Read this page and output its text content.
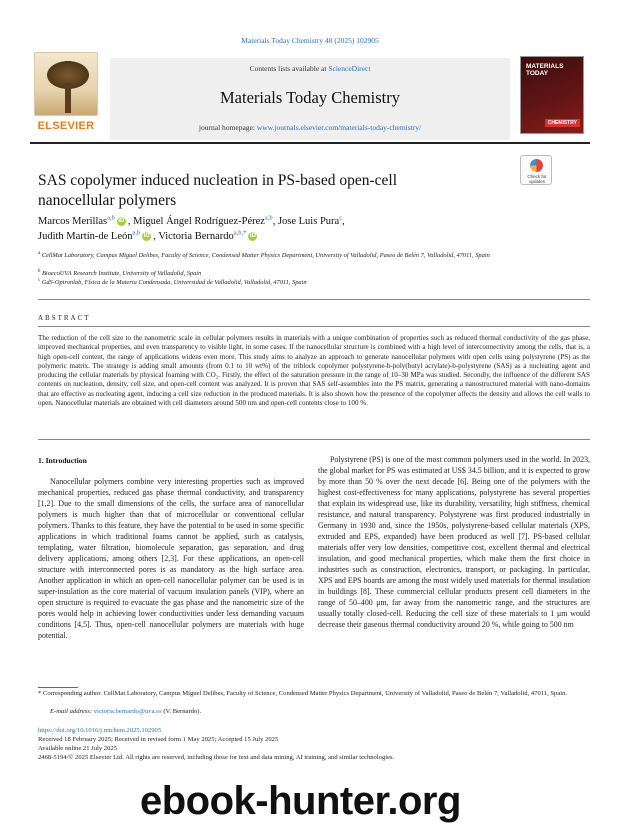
Materials Today Chemistry 48 (2025) 102905
ELSEVIER
Contents lists available at ScienceDirect
Materials Today Chemistry
journal homepage: www.journals.elsevier.com/materials-today-chemistry/
MATERIALS TODAY
CHEMISTRY
SAS copolymer induced nucleation in PS-based open-cell
nanocellular polymers
Check for updates
Marcos Merillas$^{a,b}$ iD , Miguel Ángel Rodríguez-Pérez$^{a,b}$, Jose Luis Pura$^c$,
Judith Martín-de León$^{a,b}$ iD , Victoria Bernardo$^{a,b,*}$ iD
$^a$ CellMat Laboratory, Campus Miguel Delibes, Faculty of Science, Condensed Matter Physics Department, University of Valladolid, Paseo de Belén 7, Valladolid, 47011, Spain
$^b$ BioecoUVA Research Institute, University of Valladolid, Spain
$^c$ GdS-Optronlab, Física de la Materia Condensada, Universidad de Valladolid, Valladolid, 47011, Spain
ABSTRACT
The reduction of the cell size to the nanometric scale in cellular polymers results in materials with a unique combination of properties such as reduced thermal conductivity of the gas phase, improved mechanical properties, and even transparency to visible light, in some cases. If the nanocellular structure is combined with a high level of interconnectivity among the cells, that is, a high open-cell content, the range of applications widens even more. This study aims to analyze an approach to generate nanocellular polymers with open cells using polystyrene (PS) as the polymeric matrix. The strategy is adding small amounts (from 0.1 to 10 wt%) of the triblock copolymer polystyrene-b-poly(butyl acrylate)-b-polystyrene (SAS) as a nucleating agent and producing the cellular materials by physical foaming with CO₂. Firstly, the effect of the saturation pressure in the range of 10–30 MPa was studied. Secondly, the influence of the different SAS contents on nucleation, density, cell size, and open-cell content was analyzed. It is proven that SAS self-assembles into the PS matrix, generating a nanostructured material with nano-domains that are effective as nucleating agent, inducing a cell size reduction in the produced materials. It is also shown how the presence of the copolymer affects the density and allows the cell walls to open. Nanocellular materials are obtained with cell diameters around 500 nm and open-cell contents close to 100 %.
1. Introduction
Nanocellular polymers combine very interesting properties such as improved mechanical properties, reduced gas phase thermal conductivity, and transparency [1,2]. Due to the small dimensions of the cells, the surface area of nanocellular polymers is much higher than that of microcellular or conventional cellular polymers. Thanks to this feature, they have the potential to be used in some specific applications in which traditional foams cannot be applied, such as catalysis, templating, water filtration, biomolecule separation, gas separation, and drug delivery applications, among others [2,3]. For these applications, an open-cell structure with interconnected pores is as mandatory as the high surface area. Another application in which an open-cell nanocellular polymer can be used is in super-insulation as the core material of vacuum insulation panels (VIP), where an open structure is required to evacuate the gas phase and the nanometric size of the pores would help in achieving lower conductivities under less demanding vacuum conditions [4,5]. Thus, open-cell nanocellular polymers are materials with huge potential.
Polystyrene (PS) is one of the most common polymers used in the world. In 2023, the global market for PS was estimated at US$ 34.5 billion, and it is expected to grow by more than 50 % over the next decade [6]. Being one of the polymers with the highest cost-effectiveness for many applications, polystyrene has several properties that explain its widespread use, like its durability, versatility, high stiffness, chemical resistance, and natural transparency. Polystyrene was first produced industrially in Germany in 1930 and, since the 1950s, polystyrene-based cellular materials (XPS, extruded and EPS, expanded) have been produced as well [7]. PS-based cellular materials offer very low densities, competitive cost, excellent thermal and electrical insulation, and good mechanical properties, which make them the first choice in industries such as construction, electronics, transport, or packaging. In particular, XPS and EPS boards are among the most widely used materials for thermal insulation in buildings [8]. These commercial cellular products present cell diameters in the range of 50–400 μm, far away from the nanometric range, and the structures are usually totally closed-cell. Reducing the cell size of these materials to 1 μm would decrease their gaseous thermal conductivity around 20 %, while going to 500 nm
* Corresponding author. CellMat Laboratory, Campus Miguel Delibes, Faculty of Science, Condensed Matter Physics Department, University of Valladolid, Paseo de Belén 7, Valladolid, 47011, Spain.
E-mail address: victoria.bernardo@uva.es (V. Bernardo).
https://doi.org/10.1016/j.mtchem.2025.102905
Received 18 February 2025; Received in revised form 1 May 2025; Accepted 15 July 2025
Available online 21 July 2025
2468-5194/© 2025 Elsevier Ltd. All rights are reserved, including those for text and data mining, AI training, and similar technologies.
ebook-hunter.org
